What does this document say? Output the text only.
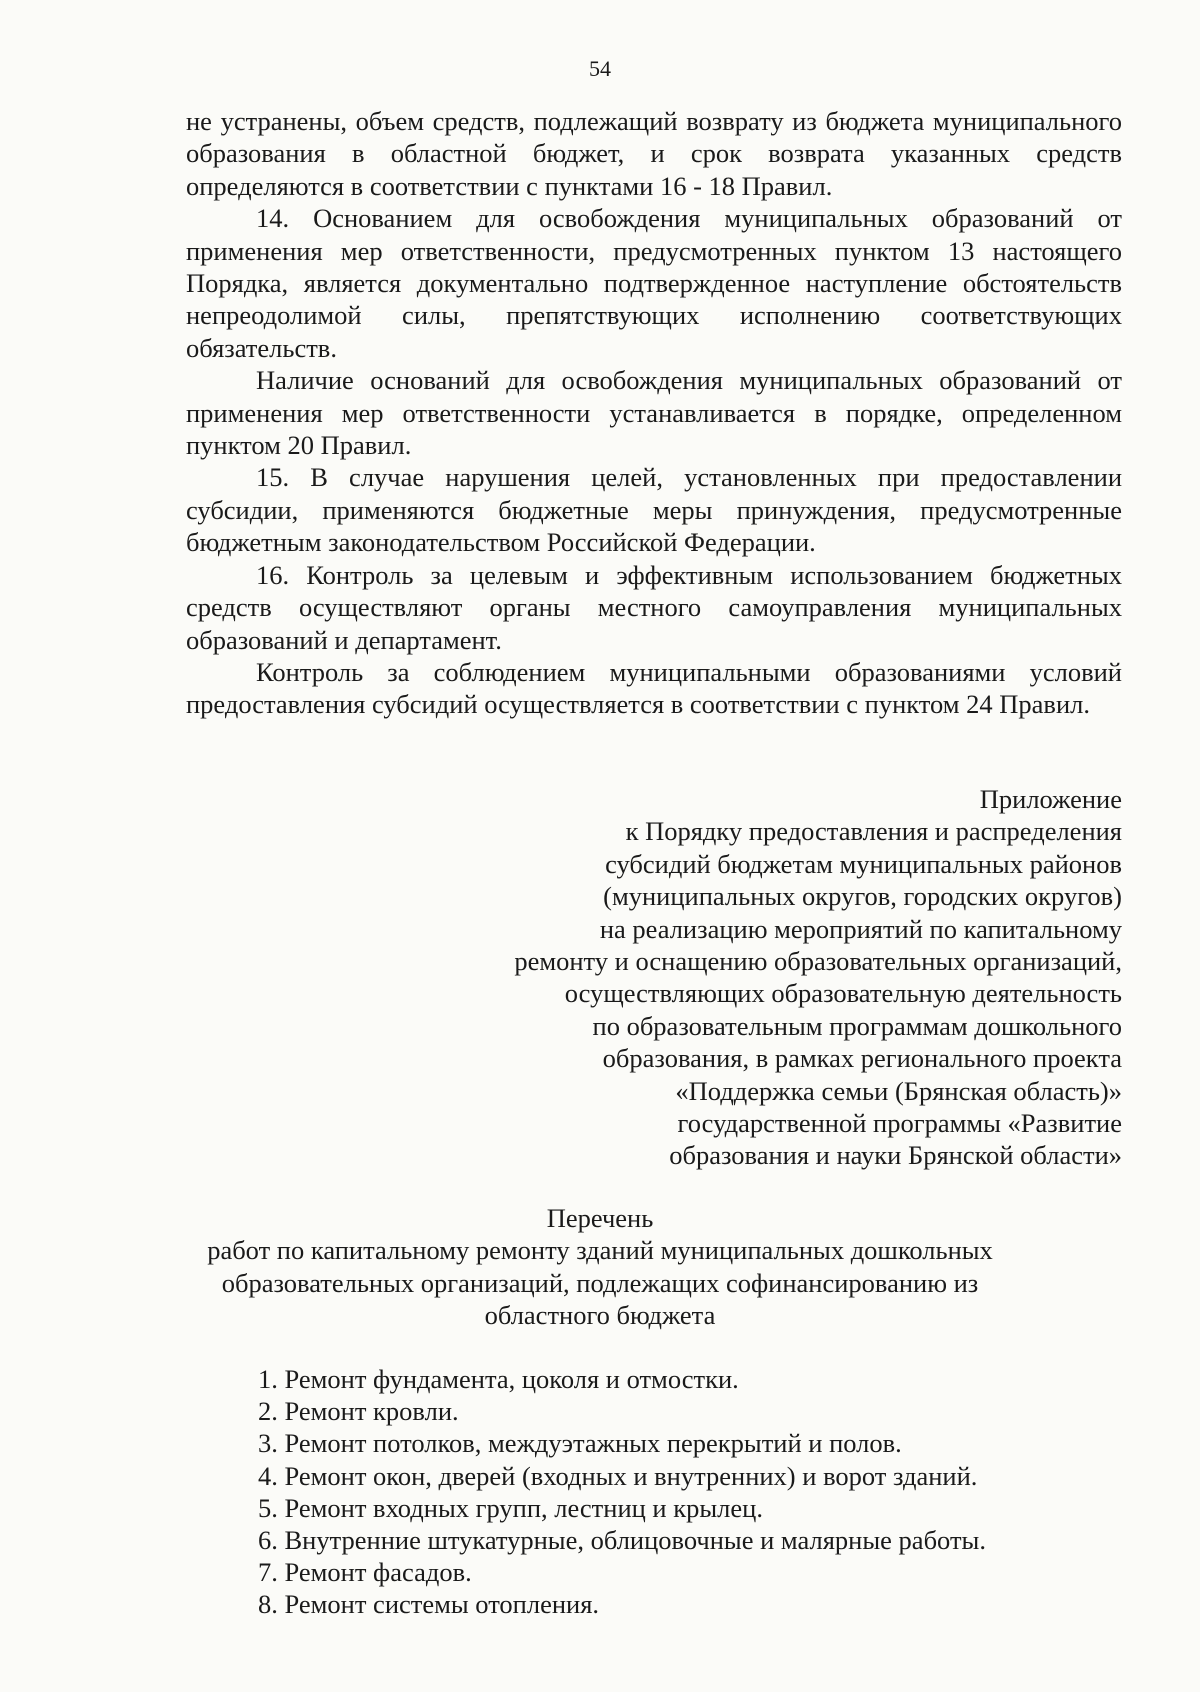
54

не устранены, объем средств, подлежащий возврату из бюджета муниципального образования в областной бюджет, и срок возврата указанных средств определяются в соответствии с пунктами 16 - 18 Правил.

14. Основанием для освобождения муниципальных образований от применения мер ответственности, предусмотренных пунктом 13 настоящего Порядка, является документально подтвержденное наступление обстоятельств непреодолимой силы, препятствующих исполнению соответствующих обязательств.

Наличие оснований для освобождения муниципальных образований от применения мер ответственности устанавливается в порядке, определенном пунктом 20 Правил.

15. В случае нарушения целей, установленных при предоставлении субсидии, применяются бюджетные меры принуждения, предусмотренные бюджетным законодательством Российской Федерации.

16. Контроль за целевым и эффективным использованием бюджетных средств осуществляют органы местного самоуправления муниципальных образований и департамент.

Контроль за соблюдением муниципальными образованиями условий предоставления субсидий осуществляется в соответствии с пунктом 24 Правил.

Приложение
к Порядку предоставления и распределения
субсидий бюджетам муниципальных районов
(муниципальных округов, городских округов)
на реализацию мероприятий по капитальному
ремонту и оснащению образовательных организаций,
осуществляющих образовательную деятельность
по образовательным программам дошкольного
образования, в рамках регионального проекта
«Поддержка семьи (Брянская область)»
государственной программы «Развитие
образования и науки Брянской области»
Перечень
работ по капитальному ремонту зданий муниципальных дошкольных
образовательных организаций, подлежащих софинансированию из
областного бюджета
1. Ремонт фундамента, цоколя и отмостки.
2. Ремонт кровли.
3. Ремонт потолков, междуэтажных перекрытий и полов.
4. Ремонт окон, дверей (входных и внутренних) и ворот зданий.
5. Ремонт входных групп, лестниц и крылец.
6. Внутренние штукатурные, облицовочные и малярные работы.
7. Ремонт фасадов.
8. Ремонт системы отопления.
